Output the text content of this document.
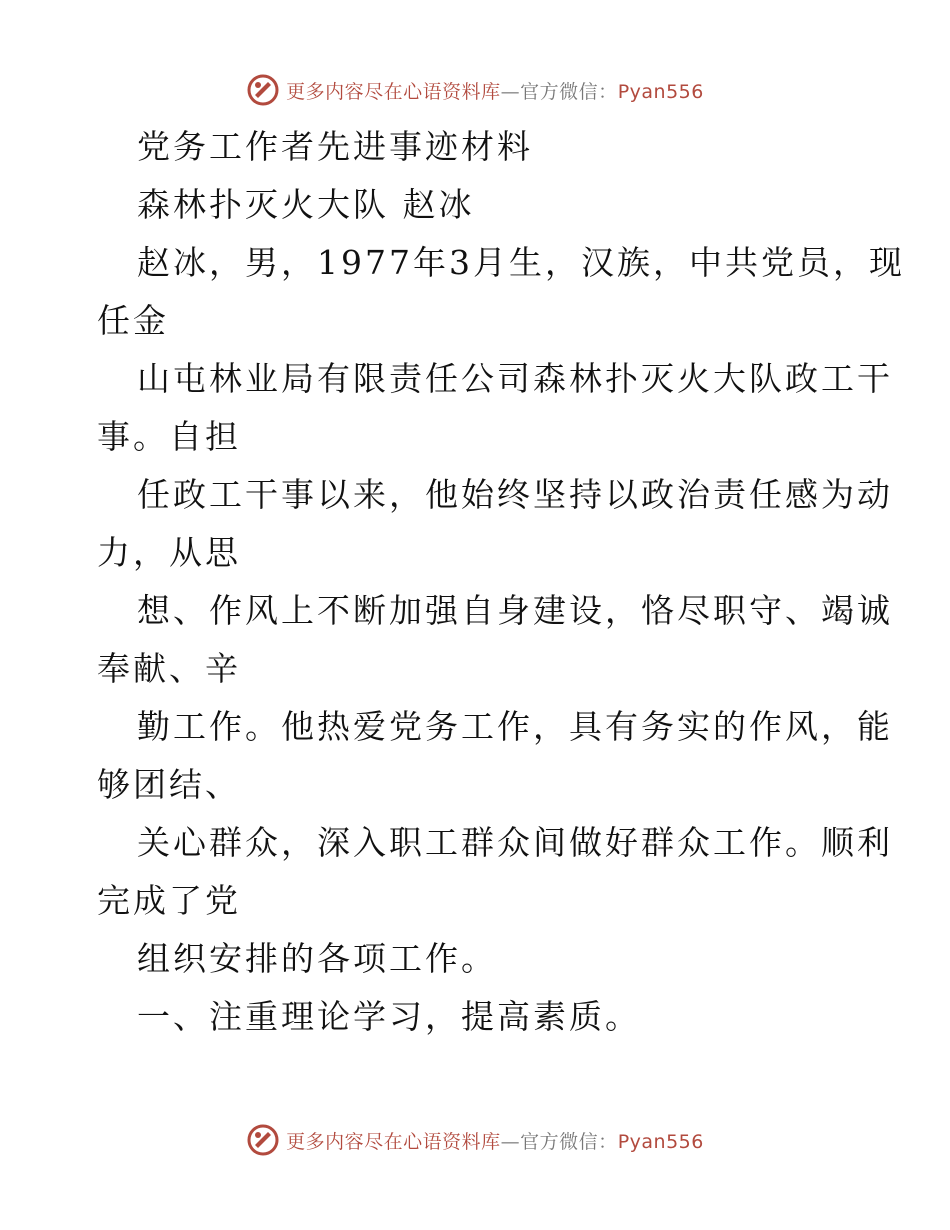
更多内容尽在心语资料库—官方微信：Pyan556
党务工作者先进事迹材料
森林扑灭火大队 赵冰
赵冰，男，1977年3月生，汉族，中共党员，现
任金
山屯林业局有限责任公司森林扑灭火大队政工干
事。自担
任政工干事以来，他始终坚持以政治责任感为动
力，从思
想、作风上不断加强自身建设，恪尽职守、竭诚
奉献、辛
勤工作。他热爱党务工作，具有务实的作风，能
够团结、
关心群众，深入职工群众间做好群众工作。顺利
完成了党
组织安排的各项工作。
一、注重理论学习，提高素质。
更多内容尽在心语资料库—官方微信：Pyan556
